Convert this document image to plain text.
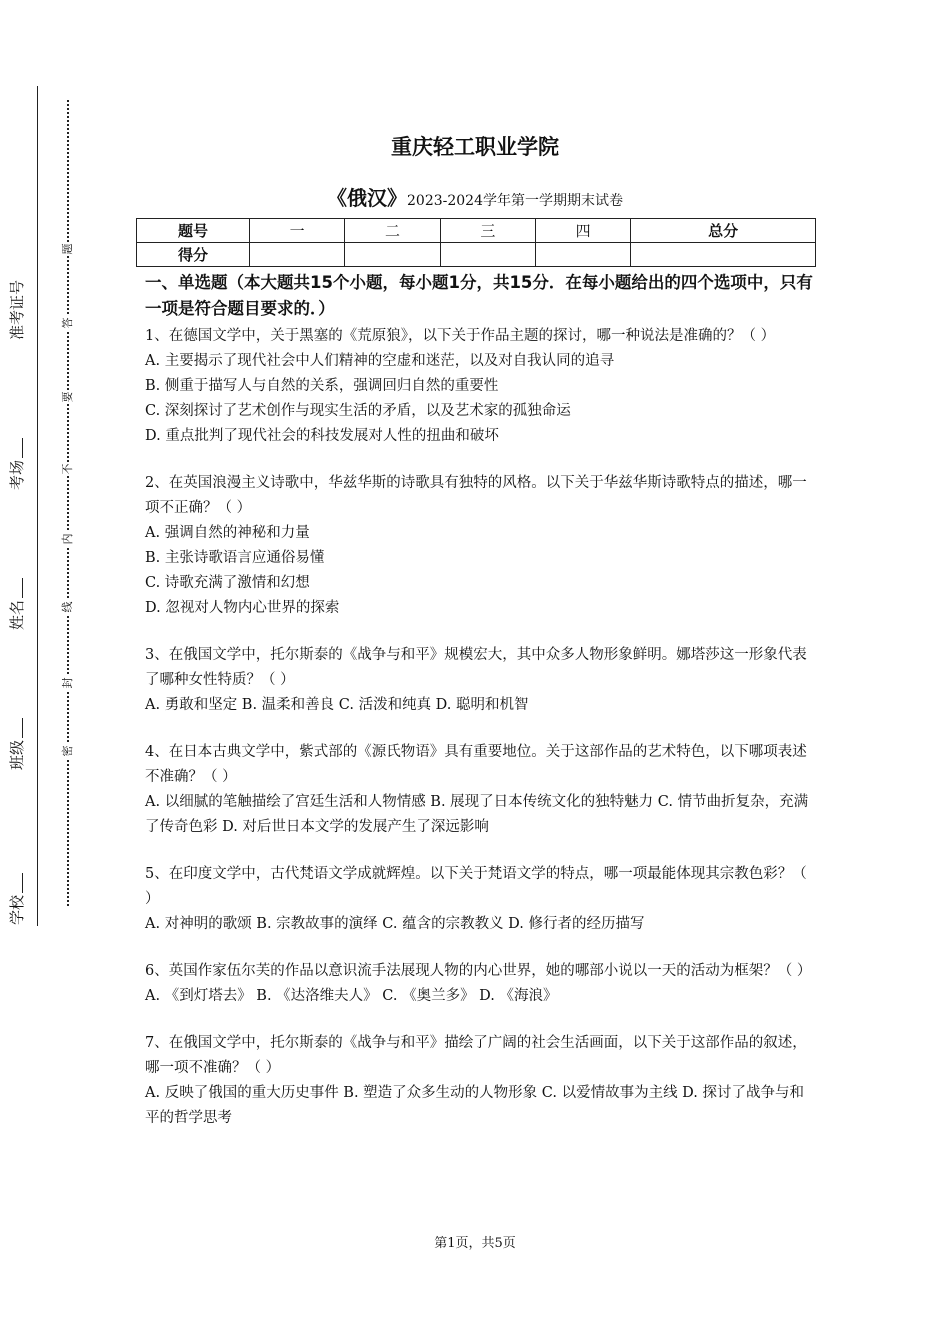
准考证号
考场
姓名
班级
学校
题
答
要
不
内
线
封
密
重庆轻工职业学院
《俄汉》2023-2024学年第一学期期末试卷
题号	一	二	三	四	总分
得分					
一、单选题（本大题共15个小题，每小题1分，共15分．在每小题给出的四个选项中，只有一项是符合题目要求的．）

1、在德国文学中，关于黑塞的《荒原狼》，以下关于作品主题的探讨，哪一种说法是准确的？（ ）

A. 主要揭示了现代社会中人们精神的空虚和迷茫，以及对自我认同的追寻

B. 侧重于描写人与自然的关系，强调回归自然的重要性

C. 深刻探讨了艺术创作与现实生活的矛盾，以及艺术家的孤独命运

D. 重点批判了现代社会的科技发展对人性的扭曲和破坏

2、在英国浪漫主义诗歌中，华兹华斯的诗歌具有独特的风格。以下关于华兹华斯诗歌特点的描述，哪一项不正确？（ ）

A. 强调自然的神秘和力量

B. 主张诗歌语言应通俗易懂

C. 诗歌充满了激情和幻想

D. 忽视对人物内心世界的探索

3、在俄国文学中，托尔斯泰的《战争与和平》规模宏大，其中众多人物形象鲜明。娜塔莎这一形象代表了哪种女性特质？（ ）

A. 勇敢和坚定 B. 温柔和善良 C. 活泼和纯真 D. 聪明和机智

4、在日本古典文学中，紫式部的《源氏物语》具有重要地位。关于这部作品的艺术特色，以下哪项表述不准确？（ ）

A. 以细腻的笔触描绘了宫廷生活和人物情感 B. 展现了日本传统文化的独特魅力 C. 情节曲折复杂，充满了传奇色彩 D. 对后世日本文学的发展产生了深远影响

5、在印度文学中，古代梵语文学成就辉煌。以下关于梵语文学的特点，哪一项最能体现其宗教色彩？（ ）

A. 对神明的歌颂 B. 宗教故事的演绎 C. 蕴含的宗教教义 D. 修行者的经历描写

6、英国作家伍尔芙的作品以意识流手法展现人物的内心世界，她的哪部小说以一天的活动为框架？（ ）

A. 《到灯塔去》 B. 《达洛维夫人》 C. 《奥兰多》 D. 《海浪》

7、在俄国文学中，托尔斯泰的《战争与和平》描绘了广阔的社会生活画面，以下关于这部作品的叙述，哪一项不准确？（ ）

A. 反映了俄国的重大历史事件 B. 塑造了众多生动的人物形象 C. 以爱情故事为主线 D. 探讨了战争与和平的哲学思考

第1页，共5页
